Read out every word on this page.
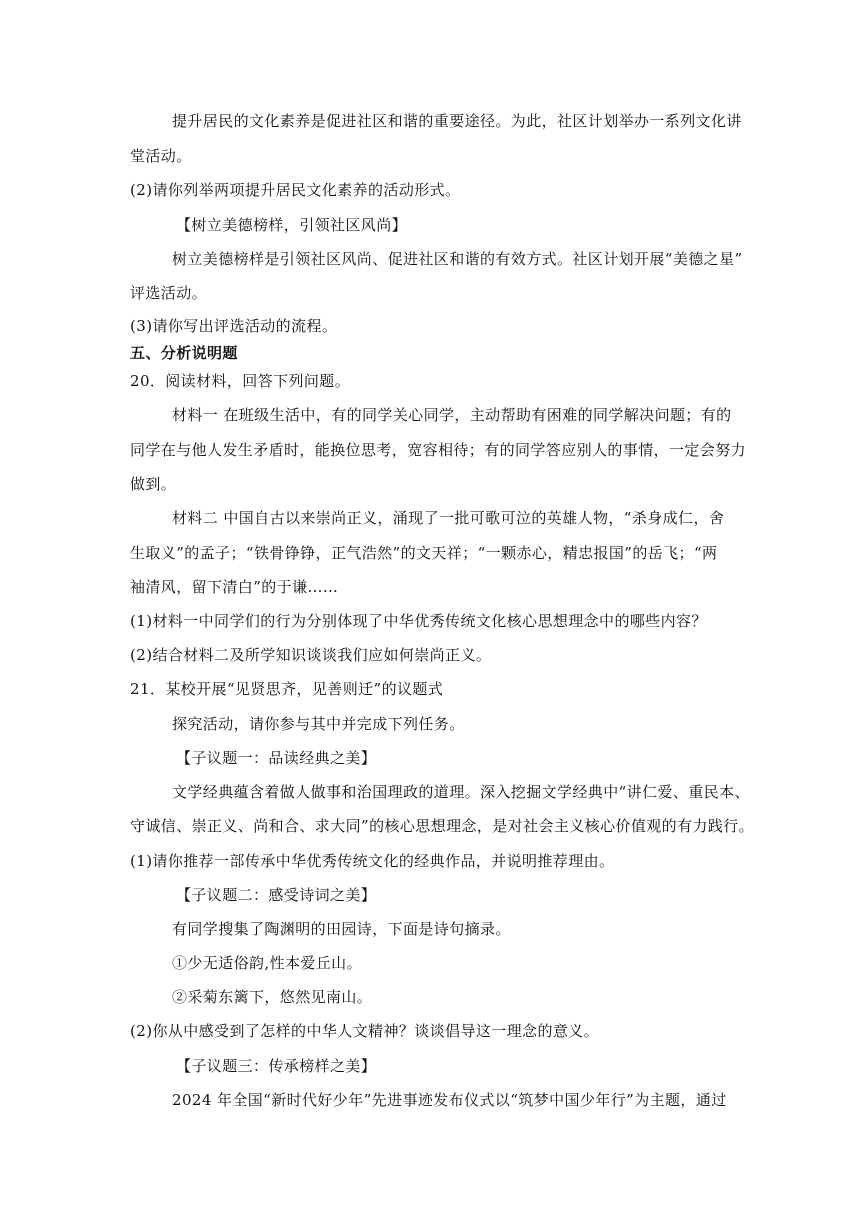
提升居民的文化素养是促进社区和谐的重要途径。为此，社区计划举办一系列文化讲
堂活动。
(2)请你列举两项提升居民文化素养的活动形式。
【树立美德榜样，引领社区风尚】
树立美德榜样是引领社区风尚、促进社区和谐的有效方式。社区计划开展“美德之星”
评选活动。
(3)请你写出评选活动的流程。
五、分析说明题
20．阅读材料，回答下列问题。
材料一 在班级生活中，有的同学关心同学，主动帮助有困难的同学解决问题；有的
同学在与他人发生矛盾时，能换位思考，宽容相待；有的同学答应别人的事情，一定会努力
做到。
材料二 中国自古以来崇尚正义，涌现了一批可歌可泣的英雄人物，“杀身成仁，舍
生取义”的孟子；“铁骨铮铮，正气浩然”的文天祥；“一颗赤心，精忠报国”的岳飞；“两
袖清风，留下清白”的于谦……
(1)材料一中同学们的行为分别体现了中华优秀传统文化核心思想理念中的哪些内容？
(2)结合材料二及所学知识谈谈我们应如何崇尚正义。
21．某校开展“见贤思齐，见善则迁”的议题式
探究活动，请你参与其中并完成下列任务。
【子议题一：品读经典之美】
文学经典蕴含着做人做事和治国理政的道理。深入挖掘文学经典中“讲仁爱、重民本、
守诚信、崇正义、尚和合、求大同”的核心思想理念，是对社会主义核心价值观的有力践行。
(1)请你推荐一部传承中华优秀传统文化的经典作品，并说明推荐理由。
【子议题二：感受诗词之美】
有同学搜集了陶渊明的田园诗，下面是诗句摘录。
①少无适俗韵,性本爱丘山。
②采菊东篱下，悠然见南山。
(2)你从中感受到了怎样的中华人文精神？谈谈倡导这一理念的意义。
【子议题三：传承榜样之美】
2024 年全国“新时代好少年”先进事迹发布仪式以“筑梦中国少年行”为主题，通过
